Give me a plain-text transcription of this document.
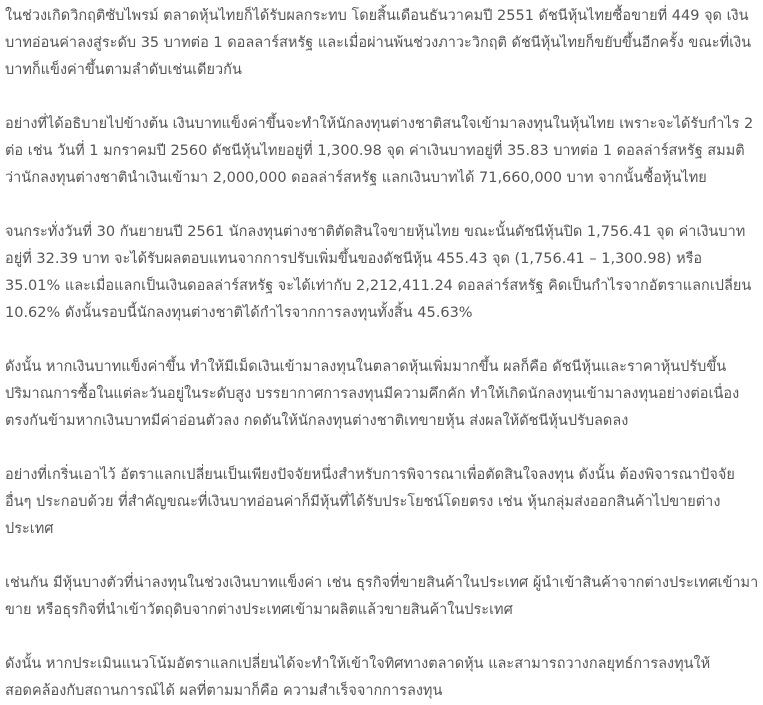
ในช่วงเกิดวิกฤติซับไพรม์ ตลาดหุ้นไทยก็ได้รับผลกระทบ โดยสิ้นเดือนธันวาคมปี 2551 ดัชนีหุ้นไทยซื้อขายที่ 449 จุด เงินบาทอ่อนค่าลงสู่ระดับ 35 บาทต่อ 1 ดอลลาร์สหรัฐ และเมื่อผ่านพ้นช่วงภาวะวิกฤติ ดัชนีหุ้นไทยก็ขยับขึ้นอีกครั้ง ขณะที่เงินบาทก็แข็งค่าขึ้นตามลำดับเช่นเดียวกัน

อย่างที่ได้อธิบายไปข้างต้น เงินบาทแข็งค่าขึ้นจะทำให้นักลงทุนต่างชาติสนใจเข้ามาลงทุนในหุ้นไทย เพราะจะได้รับกำไร 2 ต่อ เช่น วันที่ 1 มกราคมปี 2560 ดัชนีหุ้นไทยอยู่ที่ 1,300.98 จุด ค่าเงินบาทอยู่ที่ 35.83 บาทต่อ 1 ดอลล่าร์สหรัฐ สมมติว่านักลงทุนต่างชาตินำเงินเข้ามา 2,000,000 ดอลล่าร์สหรัฐ แลกเงินบาทได้ 71,660,000 บาท จากนั้นซื้อหุ้นไทย

จนกระทั่งวันที่ 30 กันยายนปี 2561 นักลงทุนต่างชาติตัดสินใจขายหุ้นไทย ขณะนั้นดัชนีหุ้นปิด 1,756.41 จุด ค่าเงินบาทอยู่ที่ 32.39 บาท จะได้รับผลตอบแทนจากการปรับเพิ่มขึ้นของดัชนีหุ้น 455.43 จุด (1,756.41 – 1,300.98) หรือ 35.01% และเมื่อแลกเป็นเงินดอลล่าร์สหรัฐ จะได้เท่ากับ 2,212,411.24 ดอลล่าร์สหรัฐ คิดเป็นกำไรจากอัตราแลกเปลี่ยน 10.62% ดังนั้นรอบนี้นักลงทุนต่างชาติได้กำไรจากการลงทุนทั้งสิ้น 45.63%

ดังนั้น หากเงินบาทแข็งค่าขึ้น ทำให้มีเม็ดเงินเข้ามาลงทุนในตลาดหุ้นเพิ่มมากขึ้น ผลก็คือ ดัชนีหุ้นและราคาหุ้นปรับขึ้น ปริมาณการซื้อในแต่ละวันอยู่ในระดับสูง บรรยากาศการลงทุนมีความคึกคัก ทำให้เกิดนักลงทุนเข้ามาลงทุนอย่างต่อเนื่อง ตรงกันข้ามหากเงินบาทมีค่าอ่อนตัวลง กดดันให้นักลงทุนต่างชาติเทขายหุ้น ส่งผลให้ดัชนีหุ้นปรับลดลง

อย่างที่เกริ่นเอาไว้ อัตราแลกเปลี่ยนเป็นเพียงปัจจัยหนึ่งสำหรับการพิจารณาเพื่อตัดสินใจลงทุน ดังนั้น ต้องพิจารณาปัจจัยอื่นๆ ประกอบด้วย ที่สำคัญขณะที่เงินบาทอ่อนค่าก็มีหุ้นที่ได้รับประโยชน์โดยตรง เช่น หุ้นกลุ่มส่งออกสินค้าไปขายต่างประเทศ

เช่นกัน มีหุ้นบางตัวที่น่าลงทุนในช่วงเงินบาทแข็งค่า เช่น ธุรกิจที่ขายสินค้าในประเทศ ผู้นำเข้าสินค้าจากต่างประเทศเข้ามาขาย หรือธุรกิจที่นำเข้าวัตถุดิบจากต่างประเทศเข้ามาผลิตแล้วขายสินค้าในประเทศ

ดังนั้น หากประเมินแนวโน้มอัตราแลกเปลี่ยนได้จะทำให้เข้าใจทิศทางตลาดหุ้น และสามารถวางกลยุทธ์การลงทุนให้สอดคล้องกับสถานการณ์ได้ ผลที่ตามมาก็คือ ความสำเร็จจากการลงทุน
